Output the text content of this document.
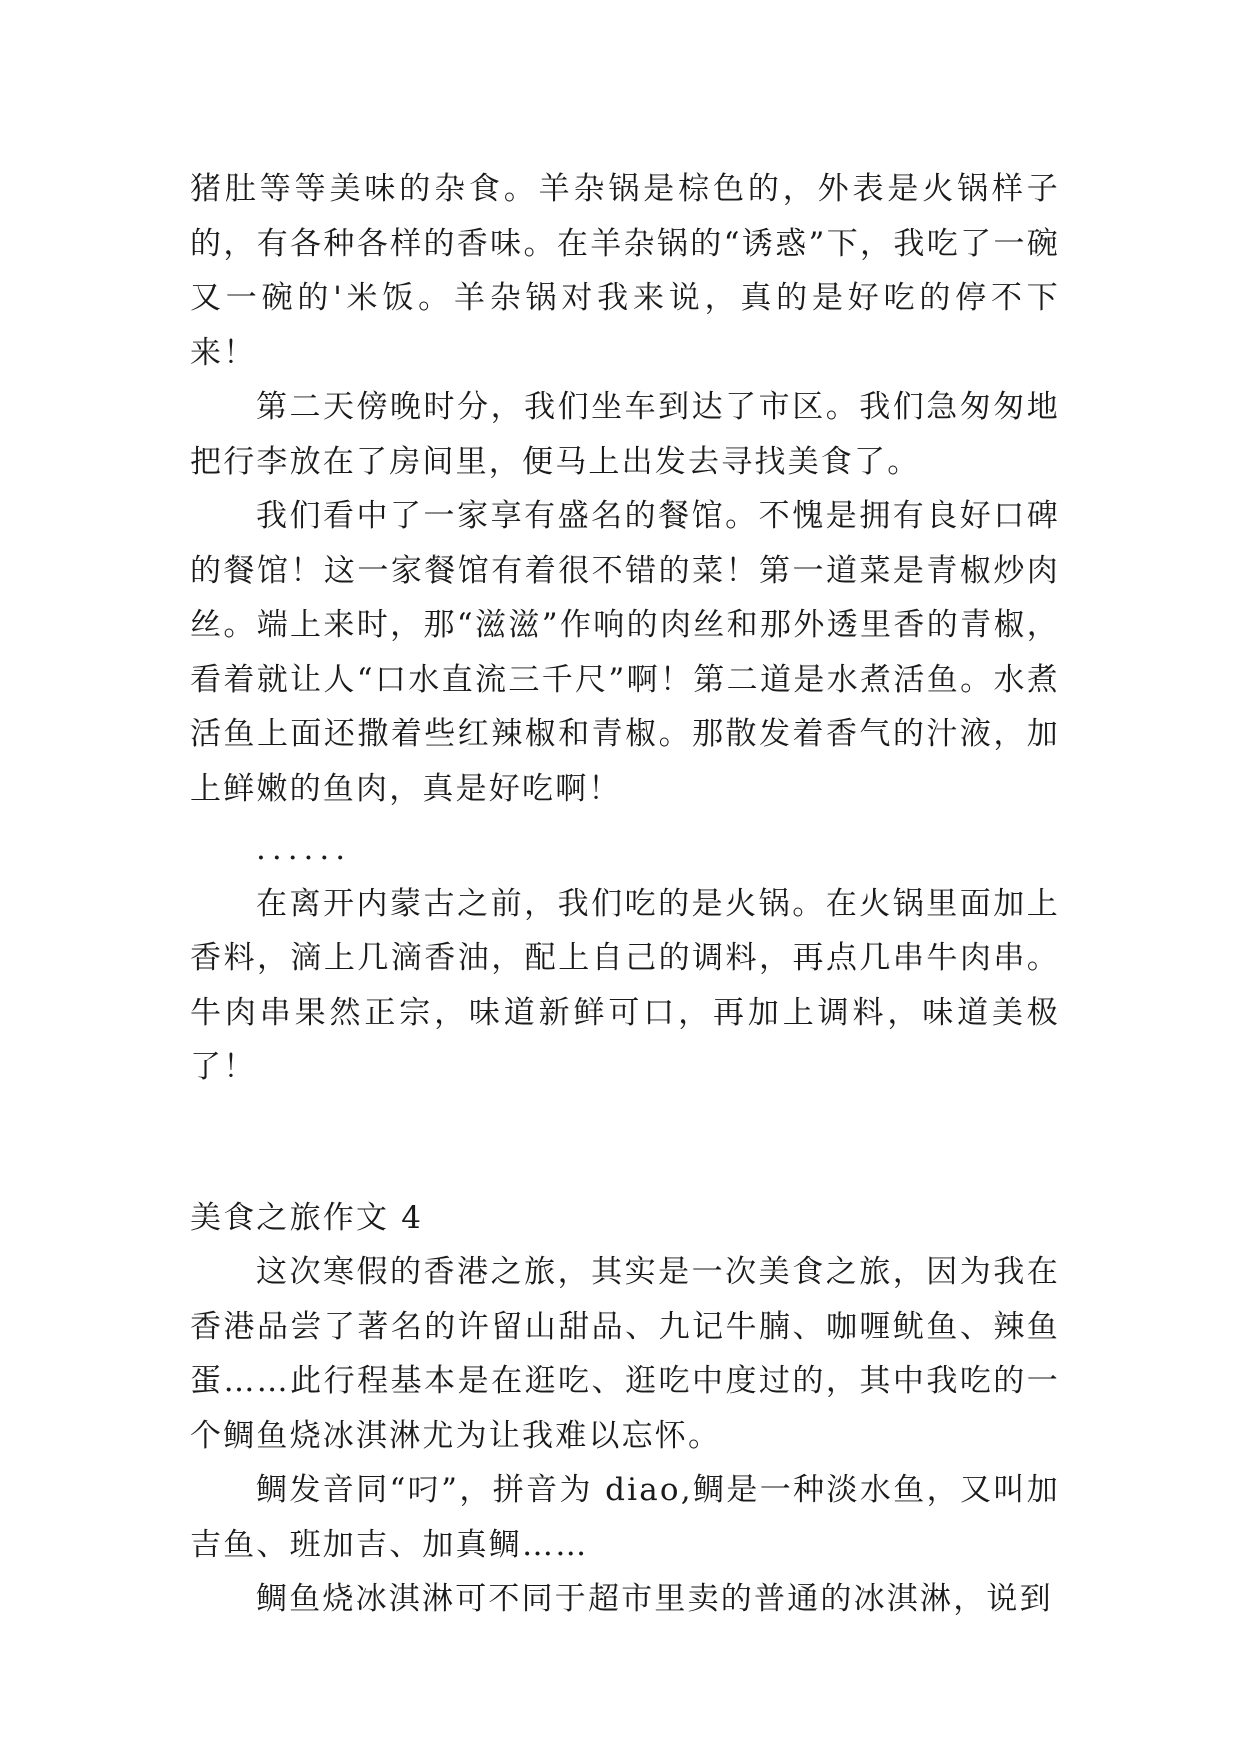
猪肚等等美味的杂食。羊杂锅是棕色的，外表是火锅样子的，有各种各样的香味。在羊杂锅的“诱惑”下，我吃了一碗又一碗的'米饭。羊杂锅对我来说，真的是好吃的停不下来！

第二天傍晚时分，我们坐车到达了市区。我们急匆匆地把行李放在了房间里，便马上出发去寻找美食了。

我们看中了一家享有盛名的餐馆。不愧是拥有良好口碑的餐馆！这一家餐馆有着很不错的菜！第一道菜是青椒炒肉丝。端上来时，那“滋滋”作响的肉丝和那外透里香的青椒，看着就让人“口水直流三千尺”啊！第二道是水煮活鱼。水煮活鱼上面还撒着些红辣椒和青椒。那散发着香气的汁液，加上鲜嫩的鱼肉，真是好吃啊！

......

在离开内蒙古之前，我们吃的是火锅。在火锅里面加上香料，滴上几滴香油，配上自己的调料，再点几串牛肉串。牛肉串果然正宗，味道新鲜可口，再加上调料，味道美极了！

美食之旅作文 4

这次寒假的香港之旅，其实是一次美食之旅，因为我在香港品尝了著名的许留山甜品、九记牛腩、咖喱鱿鱼、辣鱼蛋……此行程基本是在逛吃、逛吃中度过的，其中我吃的一个鲷鱼烧冰淇淋尤为让我难以忘怀。

鲷发音同“叼”，拼音为 diao,鲷是一种淡水鱼，又叫加吉鱼、班加吉、加真鲷……

鲷鱼烧冰淇淋可不同于超市里卖的普通的冰淇淋，说到
